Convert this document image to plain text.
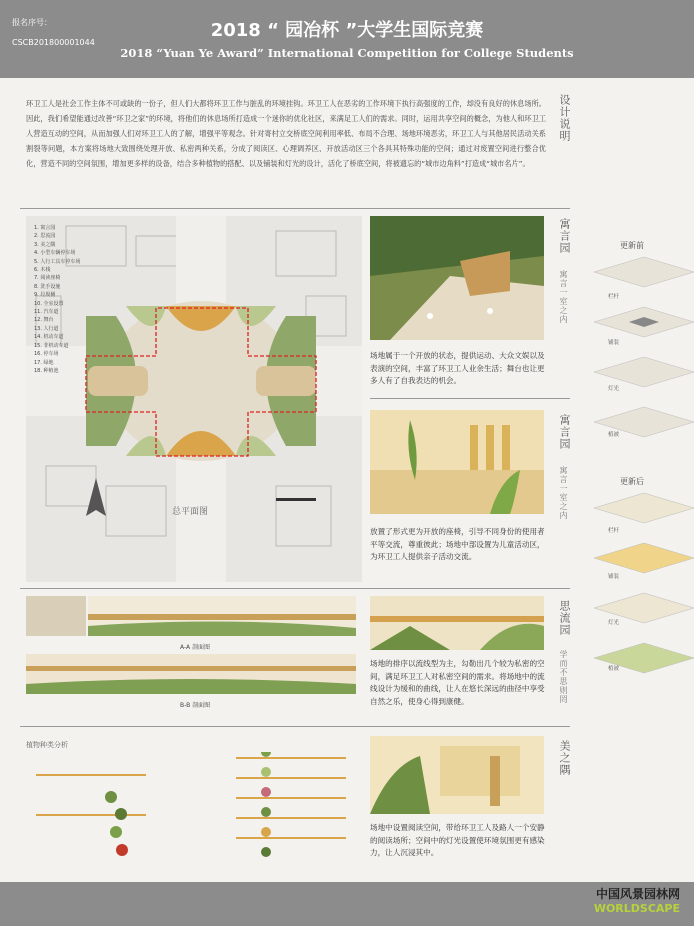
报名序号：
CSCB201800001044
2018 “ 园冶杯 ”大学生国际竞赛
2018 “Yuan Ye Award” International Competition for College Students
环卫工人是社会工作主体不可或缺的一份子，但人们大都将环卫工作与脏乱的环境挂钩。环卫工人在恶劣的工作环境下执行高强度的工作，却没有良好的休息场所。因此，我们希望能通过改善“环卫之家”的环境，将他们的休息场所打造成一个迷你的优化社区，来满足工人们的需求。同时，运用共享空间的概念，为他人和环卫工人营造互动的空间，从而加强人们对环卫工人的了解，增强平等观念。针对寄村立交桥底空间利用率低、布局不合理、场地环境恶劣，环卫工人与其他居民活动关系割裂等问题，本方案将场地大致围绕处理开放、私密两种关系，分成了阅读区、心理调养区、开放活动区三个各具其特殊功能的空间；通过对废置空间进行整合优化，营造不同的空间氛围，增加更多样的设备，结合多种植物的搭配、以及铺装和灯光的设计，活化了桥底空间，将被遗忘的“城市边角料”打造成“城市名片”。
设计说明
1. 寓言园
2. 思流园
3. 美之隅
4. 小型车辆停车场
5. 人行工具车停车场
6. 木栈
7. 阅读座椅
8. 洗手设施
9. 垃圾桶
10. 全室设置
11. 汽车道
12. 舞台
13. 人行道
14. 机动车道
15. 非机动车道
16. 停车场
17. 绿地
18. 种植池
总平面图
场地属于一个开放的状态，提供运动、大众文娱以及表演的空间，丰富了环卫工人业余生活；舞台也让更多人有了自我表达的机会。
寓言园
寓言一室之内
放置了形式更为开放的座椅，引导不同身份的使用者平等交流，尊重彼此；场地中部设置为儿童活动区，为环卫工人提供亲子活动交流。
寓言园
寓言一室之内
A-A 剖面图
B-B 剖面图
场地的排序以流线型为主，勾勒出几个较为私密的空间，满足环卫工人对私密空间的需求。将场地中的流线设计为缓和的曲线，让人在悠长深远的曲径中享受自然之乐，使身心得到康健。
思流园
学而不思则罔
植物种类分析
场地中设置阅读空间，带给环卫工人及路人一个安静的阅读场所；空间中的灯光设置使环境氛围更有感染力，让人沉浸其中。
美之隅
更新前
栏杆
铺装
灯光
植被
更新后
栏杆
铺装
灯光
植被
中国风景园林网
WORLDSCAPE
